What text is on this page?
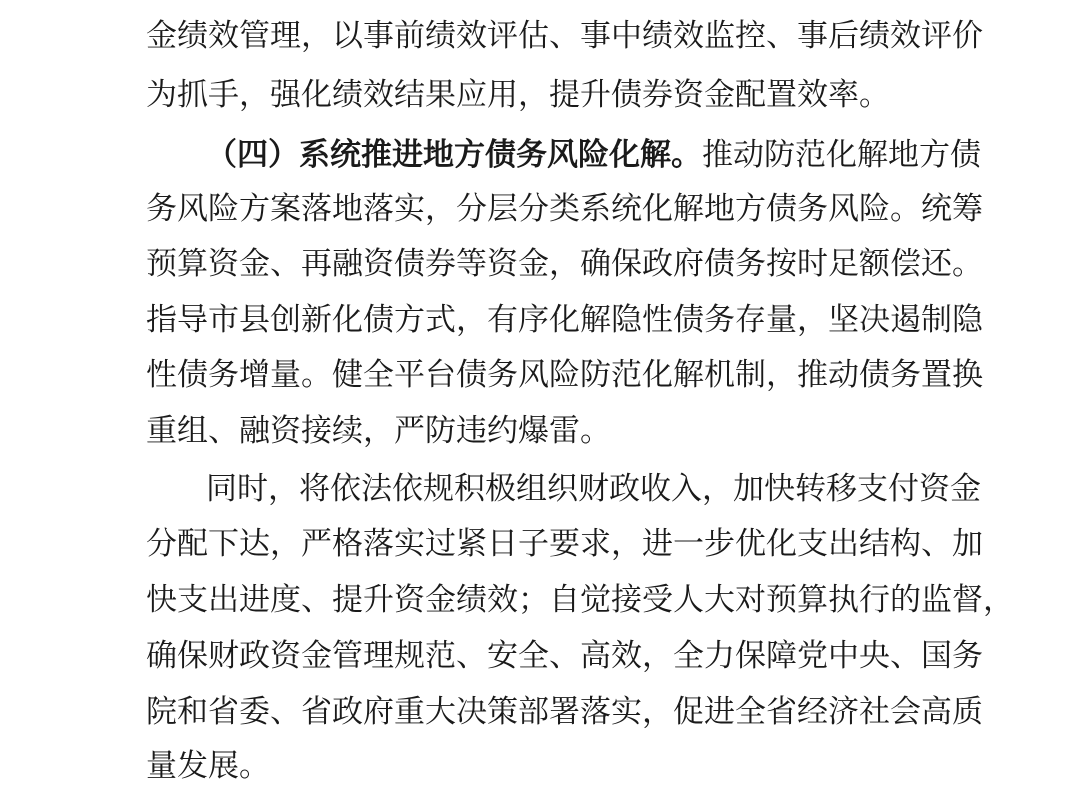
金绩效管理，以事前绩效评估、事中绩效监控、事后绩效评价
为抓手，强化绩效结果应用，提升债券资金配置效率。
（四）系统推进地方债务风险化解。推动防范化解地方债
务风险方案落地落实，分层分类系统化解地方债务风险。统筹
预算资金、再融资债券等资金，确保政府债务按时足额偿还。
指导市县创新化债方式，有序化解隐性债务存量，坚决遏制隐
性债务增量。健全平台债务风险防范化解机制，推动债务置换
重组、融资接续，严防违约爆雷。
同时，将依法依规积极组织财政收入，加快转移支付资金
分配下达，严格落实过紧日子要求，进一步优化支出结构、加
快支出进度、提升资金绩效；自觉接受人大对预算执行的监督，
确保财政资金管理规范、安全、高效，全力保障党中央、国务
院和省委、省政府重大决策部署落实，促进全省经济社会高质
量发展。
